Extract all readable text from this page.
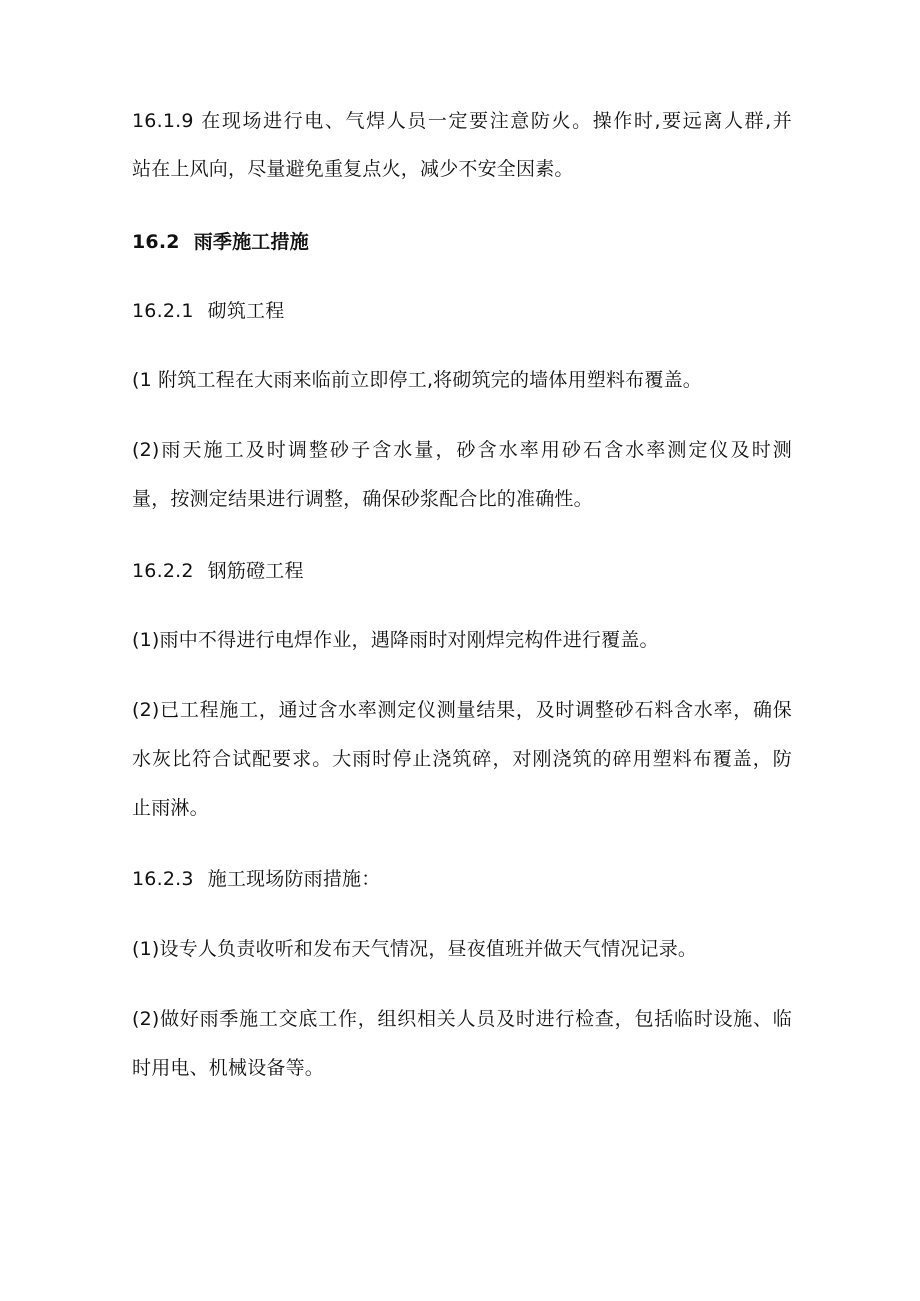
16.1.9 在现场进行电、气焊人员一定要注意防火。操作时,要远离人群,并
站在上风向，尽量避免重复点火，减少不安全因素。
16.2 雨季施工措施
16.2.1 砌筑工程
(1 附筑工程在大雨来临前立即停工,将砌筑完的墙体用塑料布覆盖。
(2)雨天施工及时调整砂子含水量，砂含水率用砂石含水率测定仪及时测
量，按测定结果进行调整，确保砂浆配合比的准确性。
16.2.2 钢筋磴工程
(1)雨中不得进行电焊作业，遇降雨时对刚焊完构件进行覆盖。
(2)已工程施工，通过含水率测定仪测量结果，及时调整砂石料含水率，确保
水灰比符合试配要求。大雨时停止浇筑碎，对刚浇筑的碎用塑料布覆盖，防
止雨淋。
16.2.3 施工现场防雨措施：
(1)设专人负责收听和发布天气情况，昼夜值班并做天气情况记录。
(2)做好雨季施工交底工作，组织相关人员及时进行检查，包括临时设施、临
时用电、机械设备等。
